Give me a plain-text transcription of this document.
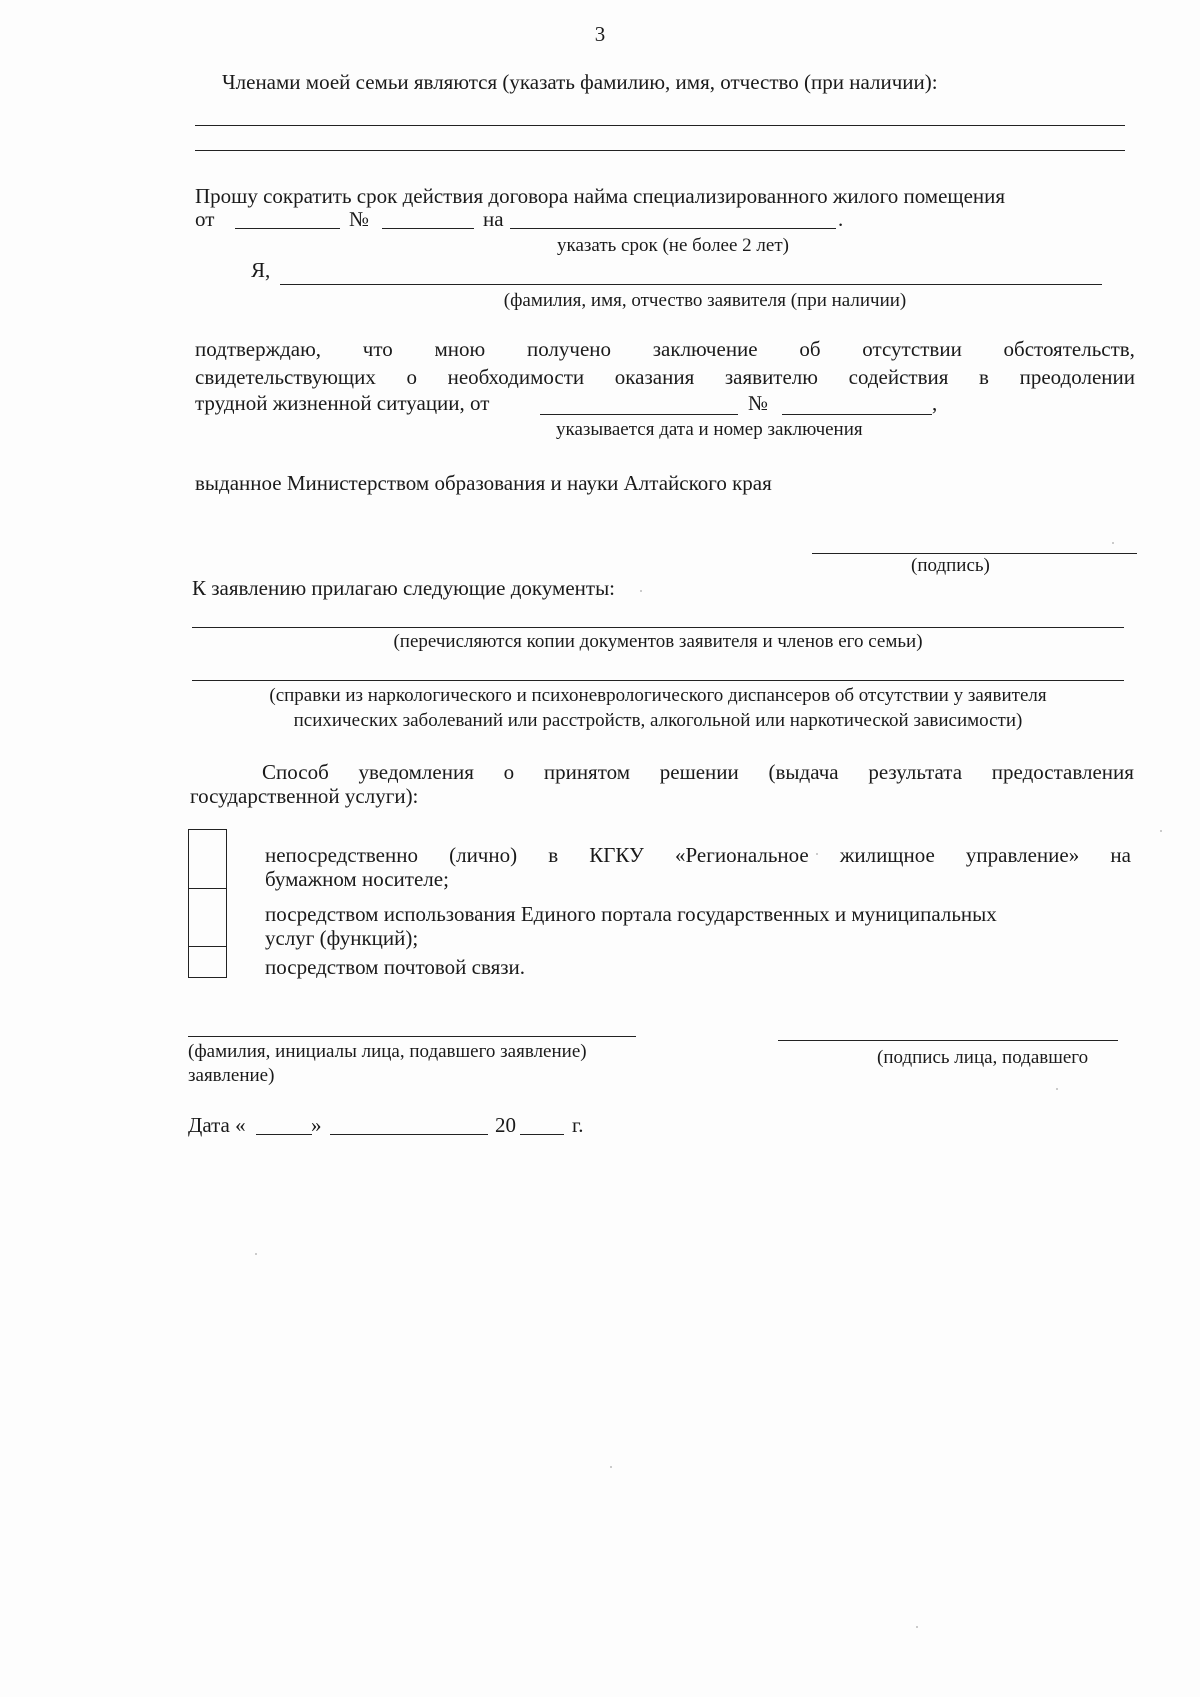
3
Членами моей семьи являются (указать фамилию, имя, отчество (при наличии):
Прошу сократить срок действия договора найма специализированного жилого помещения
от	№	на	.
указать срок (не более 2 лет)
Я,
(фамилия, имя, отчество заявителя (при наличии)
подтверждаю, что мною получено заключение об отсутствии обстоятельств,
свидетельствующих о необходимости оказания заявителю содействия в преодолении
трудной жизненной ситуации, от	№	,
указывается дата и номер заключения
выданное Министерством образования и науки Алтайского края
(подпись)
К заявлению прилагаю следующие документы:
(перечисляются копии документов заявителя и членов его семьи)
(справки из наркологического и психоневрологического диспансеров об отсутствии у заявителя
психических заболеваний или расстройств, алкогольной или наркотической зависимости)
Способ уведомления о принятом решении (выдача результата предоставления
государственной услуги):
непосредственно (лично) в КГКУ «Региональное жилищное управление» на
бумажном носителе;
посредством использования Единого портала государственных и муниципальных
услуг (функций);
посредством почтовой связи.
(фамилия, инициалы лица, подавшего заявление)
заявление)
(подпись лица, подавшего
Дата «	»	20	г.
